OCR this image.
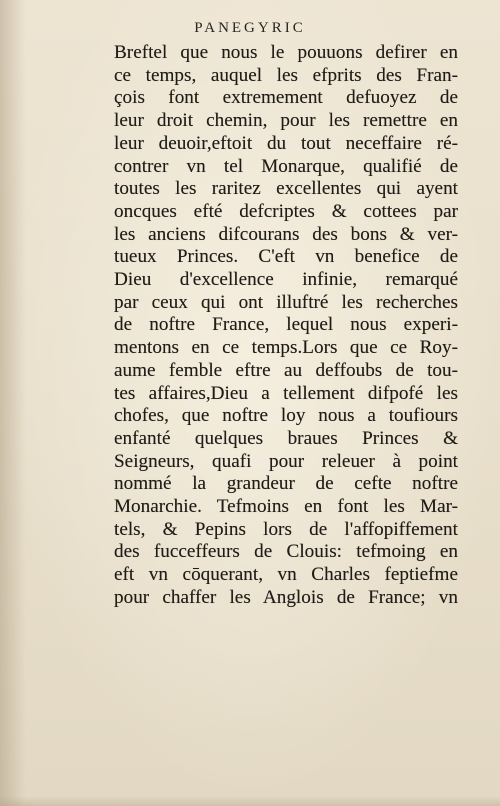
PANEGYRIC
Breftel que nous le pouuons defirer en
ce temps, auquel les efprits des Fran-
çois font extremement defuoyez de
leur droit chemin, pour les remettre en
leur deuoir,eftoit du tout neceffaire ré-
contrer vn tel Monarque, qualifié de
toutes les raritez excellentes qui ayent
oncques efté defcriptes & cottees par
les anciens difcourans des bons & ver-
tueux Princes. C'eft vn benefice de
Dieu d'excellence infinie, remarqué
par ceux qui ont illuftré les recherches
de noftre France, lequel nous experi-
mentons en ce temps.Lors que ce Roy-
aume femble eftre au deffoubs de tou-
tes affaires,Dieu a tellement difpofé les
chofes, que noftre loy nous a toufiours
enfanté quelques braues Princes &
Seigneurs, quafi pour releuer à point
nommé la grandeur de cefte noftre
Monarchie. Tefmoins en font les Mar-
tels, & Pepins lors de l'affopiffement
des fucceffeurs de Clouis: tefmoing en
eft vn cōquerant, vn Charles feptiefme
pour chaffer les Anglois de France; vn
